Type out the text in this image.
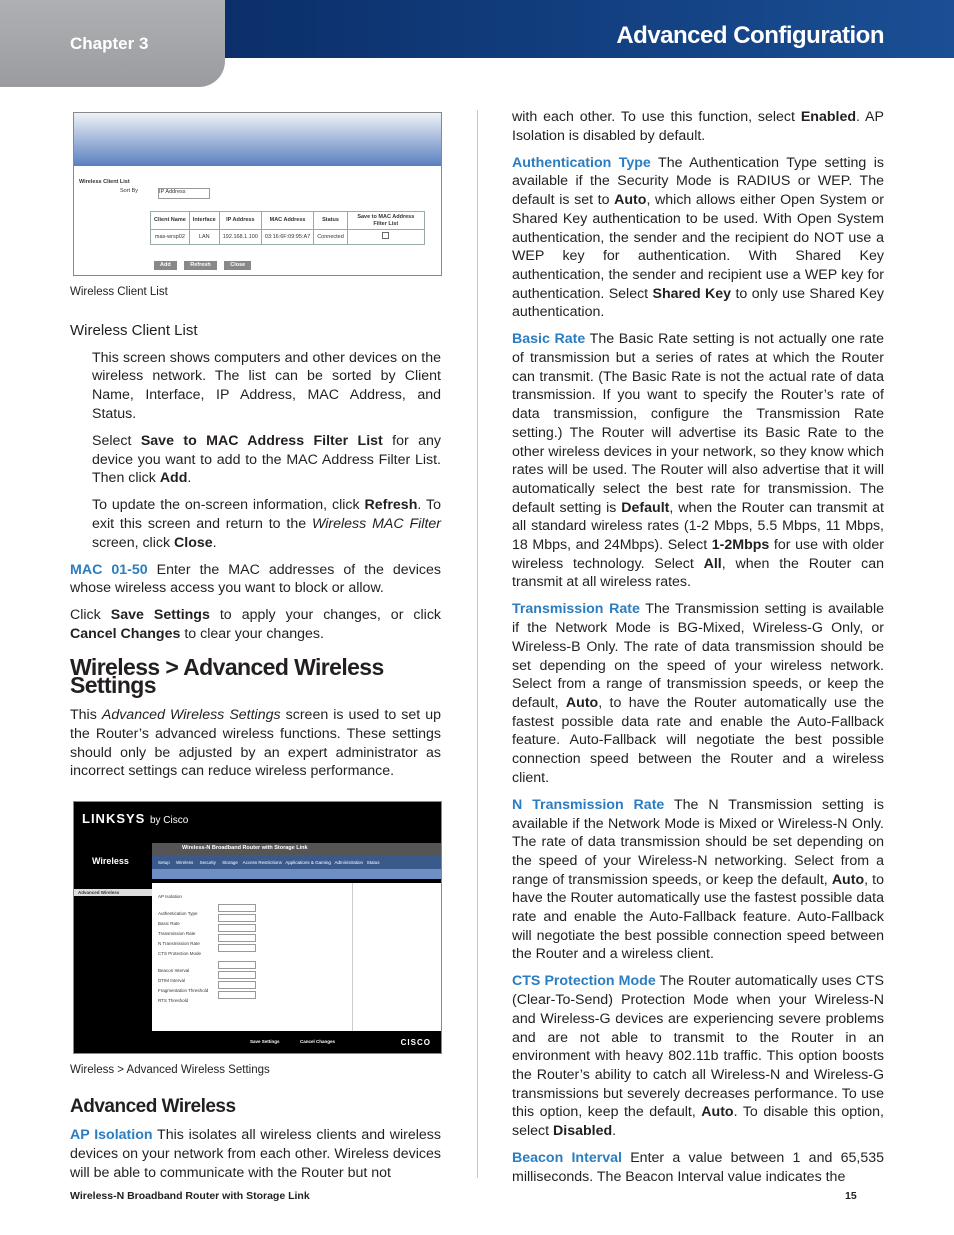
Chapter 3	Advanced Configuration
Wireless Client List
Sort By	IP Address
Client Name	Interface	IP Address	MAC Address	Status	Save to MAC Address Filter List
mas-wrsp02	LAN	192.168.1.100	03:16:6F:09:95:A7	Connected	
Add	Refresh	Close

Wireless Client List

Wireless Client List

This screen shows computers and other devices on the wireless network. The list can be sorted by Client Name, Interface, IP Address, MAC Address, and Status.

Select Save to MAC Address Filter List for any device you want to add to the MAC Address Filter List. Then click Add.

To update the on-screen information, click Refresh. To exit this screen and return to the Wireless MAC Filter screen, click Close.

MAC 01-50 Enter the MAC addresses of the devices whose wireless access you want to block or allow.

Click Save Settings to apply your changes, or click Cancel Changes to clear your changes.

Wireless > Advanced Wireless Settings

This Advanced Wireless Settings screen is used to set up the Router’s advanced wireless functions. These settings should only be adjusted by an expert administrator as incorrect settings can reduce wireless performance.

LINKSYS by Cisco
Wireless
Wireless-N Broadband Router with Storage Link
Setup Wireless Security Storage Access Restrictions Applications & Gaming Administration Status
Advanced Wireless
AP Isolation
Authentication Type
Basic Rate
Transmission Rate
N Transmission Rate
CTS Protection Mode
Beacon Interval
DTIM Interval
Fragmentation Threshold
RTS Threshold
Save Settings	Cancel Changes	CISCO

Wireless > Advanced Wireless Settings

Advanced Wireless

AP Isolation This isolates all wireless clients and wireless devices on your network from each other. Wireless devices will be able to communicate with the Router but not

with each other. To use this function, select Enabled. AP Isolation is disabled by default.

Authentication Type The Authentication Type setting is available if the Security Mode is RADIUS or WEP. The default is set to Auto, which allows either Open System or Shared Key authentication to be used. With Open System authentication, the sender and the recipient do NOT use a WEP key for authentication. With Shared Key authentication, the sender and recipient use a WEP key for authentication. Select Shared Key to only use Shared Key authentication.

Basic Rate The Basic Rate setting is not actually one rate of transmission but a series of rates at which the Router can transmit. (The Basic Rate is not the actual rate of data transmission. If you want to specify the Router’s rate of data transmission, configure the Transmission Rate setting.) The Router will advertise its Basic Rate to the other wireless devices in your network, so they know which rates will be used. The Router will also advertise that it will automatically select the best rate for transmission. The default setting is Default, when the Router can transmit at all standard wireless rates (1-2 Mbps, 5.5 Mbps, 11 Mbps, 18 Mbps, and 24Mbps). Select 1-2Mbps for use with older wireless technology. Select All, when the Router can transmit at all wireless rates.

Transmission Rate The Transmission setting is available if the Network Mode is BG-Mixed, Wireless-G Only, or Wireless-B Only. The rate of data transmission should be set depending on the speed of your wireless network. Select from a range of transmission speeds, or keep the default, Auto, to have the Router automatically use the fastest possible data rate and enable the Auto-Fallback feature. Auto-Fallback will negotiate the best possible connection speed between the Router and a wireless client.

N Transmission Rate The N Transmission setting is available if the Network Mode is Mixed or Wireless-N Only. The rate of data transmission should be set depending on the speed of your Wireless-N networking. Select from a range of transmission speeds, or keep the default, Auto, to have the Router automatically use the fastest possible data rate and enable the Auto-Fallback feature. Auto-Fallback will negotiate the best possible connection speed between the Router and a wireless client.

CTS Protection Mode The Router automatically uses CTS (Clear-To-Send) Protection Mode when your Wireless-N and Wireless-G devices are experiencing severe problems and are not able to transmit to the Router in an environment with heavy 802.11b traffic. This option boosts the Router’s ability to catch all Wireless-N and Wireless-G transmissions but severely decreases performance. To use this option, keep the default, Auto. To disable this option, select Disabled.

Beacon Interval Enter a value between 1 and 65,535 milliseconds. The Beacon Interval value indicates the

Wireless-N Broadband Router with Storage Link	15
